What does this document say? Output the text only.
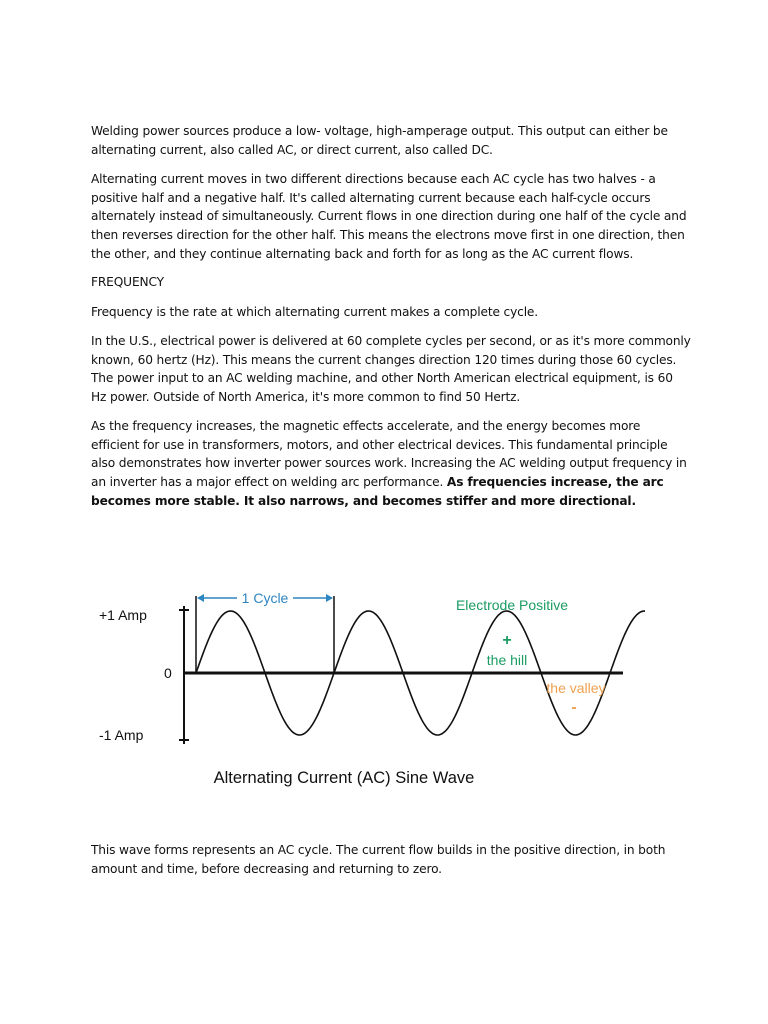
Welding power sources produce a low- voltage, high-amperage output. This output can either be alternating current, also called AC, or direct current, also called DC.

Alternating current moves in two different directions because each AC cycle has two halves - a positive half and a negative half. It's called alternating current because each half-cycle occurs alternately instead of simultaneously. Current flows in one direction during one half of the cycle and then reverses direction for the other half. This means the electrons move first in one direction, then the other, and they continue alternating back and forth for as long as the AC current flows.

FREQUENCY

Frequency is the rate at which alternating current makes a complete cycle.

In the U.S., electrical power is delivered at 60 complete cycles per second, or as it's more commonly known, 60 hertz (Hz). This means the current changes direction 120 times during those 60 cycles. The power input to an AC welding machine, and other North American electrical equipment, is 60 Hz power. Outside of North America, it's more common to find 50 Hertz.

As the frequency increases, the magnetic effects accelerate, and the energy becomes more efficient for use in transformers, motors, and other electrical devices. This fundamental principle also demonstrates how inverter power sources work. Increasing the AC welding output frequency in an inverter has a major effect on welding arc performance. As frequencies increase, the arc becomes more stable. It also narrows, and becomes stiffer and more directional.

+1 Amp
0
-1 Amp
1 Cycle	Electrode Positive
+
the hill
the valley
-
Alternating Current (AC) Sine Wave

This wave forms represents an AC cycle. The current flow builds in the positive direction, in both amount and time, before decreasing and returning to zero.
